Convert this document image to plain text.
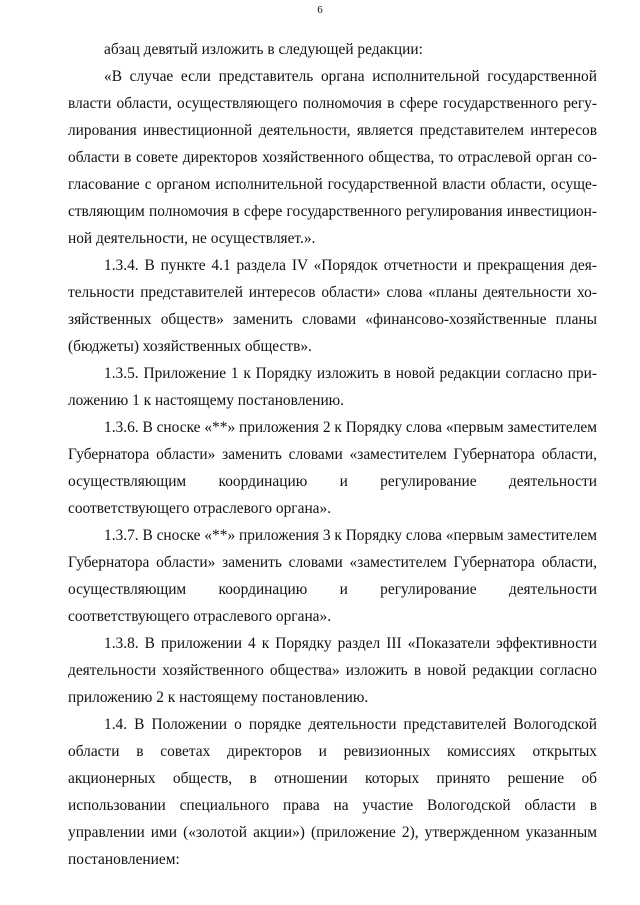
6

абзац девятый изложить в следующей редакции:

«В случае если представитель органа исполнительной государственной власти области, осуществляющего полномочия в сфере государственного регулирования инвестиционной деятельности, является представителем интересов области в совете директоров хозяйственного общества, то отраслевой орган согласование с органом исполнительной государственной власти области, осуществляющим полномочия в сфере государственного регулирования инвестиционной деятельности, не осуществляет.».

1.3.4. В пункте 4.1 раздела IV «Порядок отчетности и прекращения деятельности представителей интересов области» слова «планы деятельности хозяйственных обществ» заменить словами «финансово-хозяйственные планы (бюджеты) хозяйственных обществ».

1.3.5. Приложение 1 к Порядку изложить в новой редакции согласно приложению 1 к настоящему постановлению.

1.3.6. В сноске «**» приложения 2 к Порядку слова «первым заместителем Губернатора области» заменить словами «заместителем Губернатора области, осуществляющим координацию и регулирование деятельности соответствующего отраслевого органа».

1.3.7. В сноске «**» приложения 3 к Порядку слова «первым заместителем Губернатора области» заменить словами «заместителем Губернатора области, осуществляющим координацию и регулирование деятельности соответствующего отраслевого органа».

1.3.8. В приложении 4 к Порядку раздел III «Показатели эффективности деятельности хозяйственного общества» изложить в новой редакции согласно приложению 2 к настоящему постановлению.

1.4. В Положении о порядке деятельности представителей Вологодской области в советах директоров и ревизионных комиссиях открытых акционерных обществ, в отношении которых принято решение об использовании специального права на участие Вологодской области в управлении ими («золотой акции») (приложение 2), утвержденном указанным постановлением:
